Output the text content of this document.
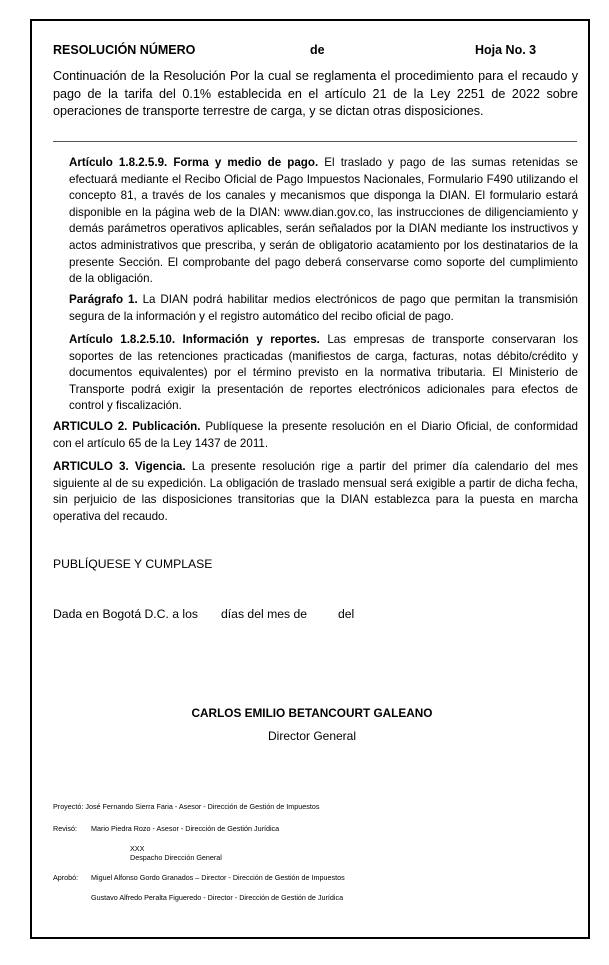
RESOLUCIÓN NÚMERO	de	Hoja No. 3
Continuación de la Resolución Por la cual se reglamenta el procedimiento para el recaudo y pago de la tarifa del 0.1% establecida en el artículo 21 de la Ley 2251 de 2022 sobre operaciones de transporte terrestre de carga, y se dictan otras disposiciones.
Artículo 1.8.2.5.9. Forma y medio de pago. El traslado y pago de las sumas retenidas se efectuará mediante el Recibo Oficial de Pago Impuestos Nacionales, Formulario F490 utilizando el concepto 81, a través de los canales y mecanismos que disponga la DIAN. El formulario estará disponible en la página web de la DIAN: www.dian.gov.co, las instrucciones de diligenciamiento y demás parámetros operativos aplicables, serán señalados por la DIAN mediante los instructivos y actos administrativos que prescriba, y serán de obligatorio acatamiento por los destinatarios de la presente Sección. El comprobante del pago deberá conservarse como soporte del cumplimiento de la obligación.
Parágrafo 1. La DIAN podrá habilitar medios electrónicos de pago que permitan la transmisión segura de la información y el registro automático del recibo oficial de pago.
Artículo 1.8.2.5.10. Información y reportes. Las empresas de transporte conservaran los soportes de las retenciones practicadas (manifiestos de carga, facturas, notas débito/crédito y documentos equivalentes) por el término previsto en la normativa tributaria. El Ministerio de Transporte podrá exigir la presentación de reportes electrónicos adicionales para efectos de control y fiscalización.
ARTICULO 2. Publicación. Publíquese la presente resolución en el Diario Oficial, de conformidad con el artículo 65 de la Ley 1437 de 2011.
ARTICULO 3. Vigencia. La presente resolución rige a partir del primer día calendario del mes siguiente al de su expedición. La obligación de traslado mensual será exigible a partir de dicha fecha, sin perjuicio de las disposiciones transitorias que la DIAN establezca para la puesta en marcha operativa del recaudo.
PUBLÍQUESE Y CUMPLASE
Dada en Bogotá D.C. a los días del mes de	del
CARLOS EMILIO BETANCOURT GALEANO
Director General
Proyectó: José Fernando Sierra Faria - Asesor - Dirección de Gestión de Impuestos
Revisó: Mario Piedra Rozo - Asesor - Dirección de Gestión Jurídica
XXX
Despacho Dirección General
Aprobó: Miguel Alfonso Gordo Granados – Director - Dirección de Gestión de Impuestos
Gustavo Alfredo Peralta Figueredo - Director - Dirección de Gestión de Jurídica
